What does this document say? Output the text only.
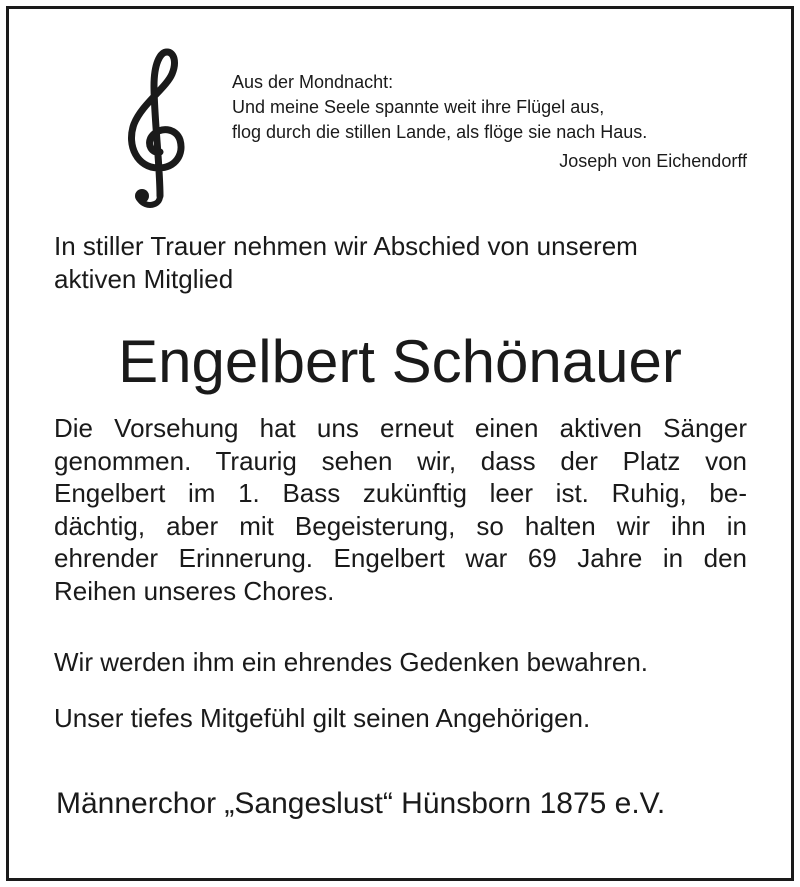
Aus der Mondnacht:
Und meine Seele spannte weit ihre Flügel aus,
flog durch die stillen Lande, als flöge sie nach Haus.
Joseph von Eichendorff
In stiller Trauer nehmen wir Abschied von unserem
aktiven Mitglied
Engelbert Schönauer
Die Vorsehung hat uns erneut einen aktiven Sänger
genommen. Traurig sehen wir, dass der Platz von
Engelbert im 1. Bass zukünftig leer ist. Ruhig, be-
dächtig, aber mit Begeisterung, so halten wir ihn in
ehrender Erinnerung. Engelbert war 69 Jahre in den
Reihen unseres Chores.
Wir werden ihm ein ehrendes Gedenken bewahren.
Unser tiefes Mitgefühl gilt seinen Angehörigen.
Männerchor „Sangeslust“ Hünsborn 1875 e.V.
